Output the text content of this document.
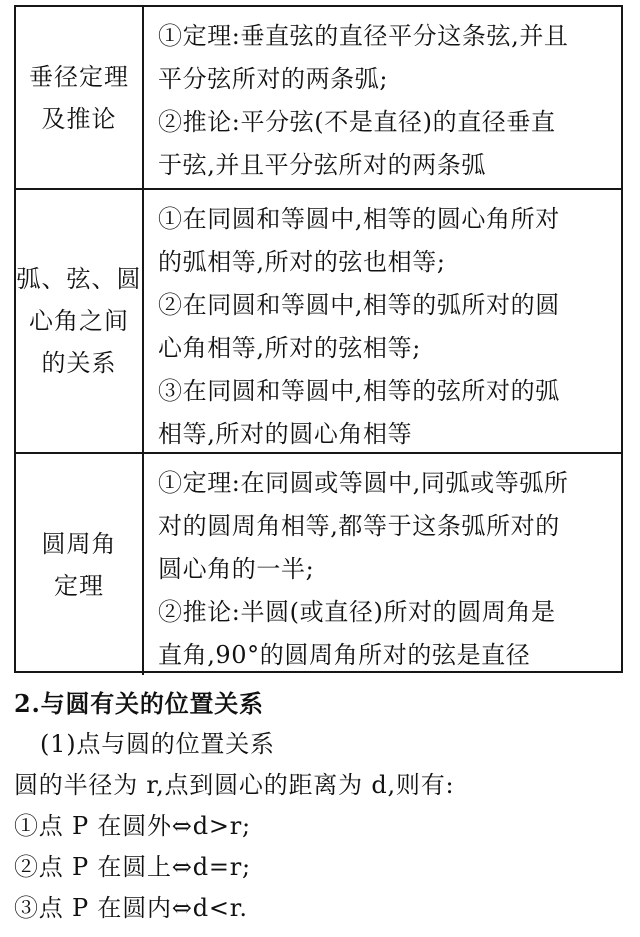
垂径定理
及推论
①定理:垂直弦的直径平分这条弦,并且
平分弦所对的两条弧;
②推论:平分弦(不是直径)的直径垂直
于弦,并且平分弦所对的两条弧
弧、弦、圆
心角之间
的关系
①在同圆和等圆中,相等的圆心角所对
的弧相等,所对的弦也相等;
②在同圆和等圆中,相等的弧所对的圆
心角相等,所对的弦相等;
③在同圆和等圆中,相等的弦所对的弧
相等,所对的圆心角相等
圆周角
定理
①定理:在同圆或等圆中,同弧或等弧所
对的圆周角相等,都等于这条弧所对的
圆心角的一半;
②推论:半圆(或直径)所对的圆周角是
直角,90°的圆周角所对的弦是直径
2.与圆有关的位置关系
(1)点与圆的位置关系
圆的半径为 r,点到圆心的距离为 d,则有:
①点 P 在圆外⇔d>r;
②点 P 在圆上⇔d=r;
③点 P 在圆内⇔d<r.
